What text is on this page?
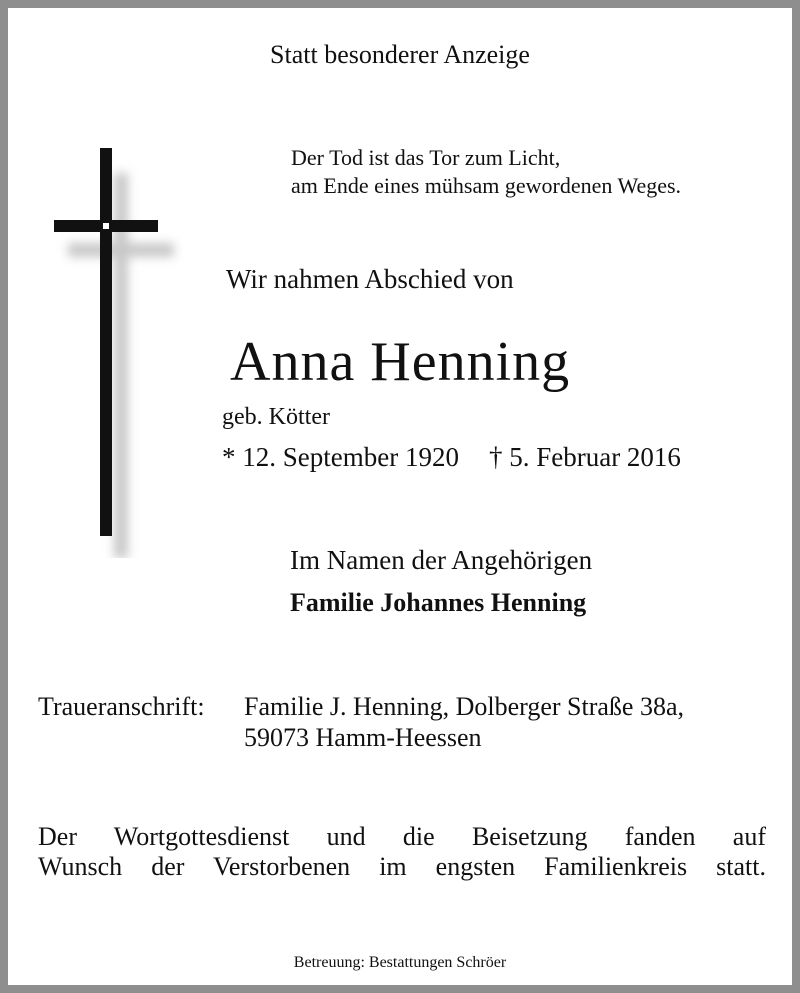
Statt besonderer Anzeige
Der Tod ist das Tor zum Licht,
am Ende eines mühsam gewordenen Weges.
Wir nahmen Abschied von
Anna Henning
geb. Kötter
* 12. September 1920 † 5. Februar 2016
Im Namen der Angehörigen
Familie Johannes Henning
Traueranschrift: Familie J. Henning, Dolberger Straße 38a,
59073 Hamm-Heessen
Der Wortgottesdienst und die Beisetzung fanden auf
Wunsch der Verstorbenen im engsten Familienkreis statt.
Betreuung: Bestattungen Schröer
